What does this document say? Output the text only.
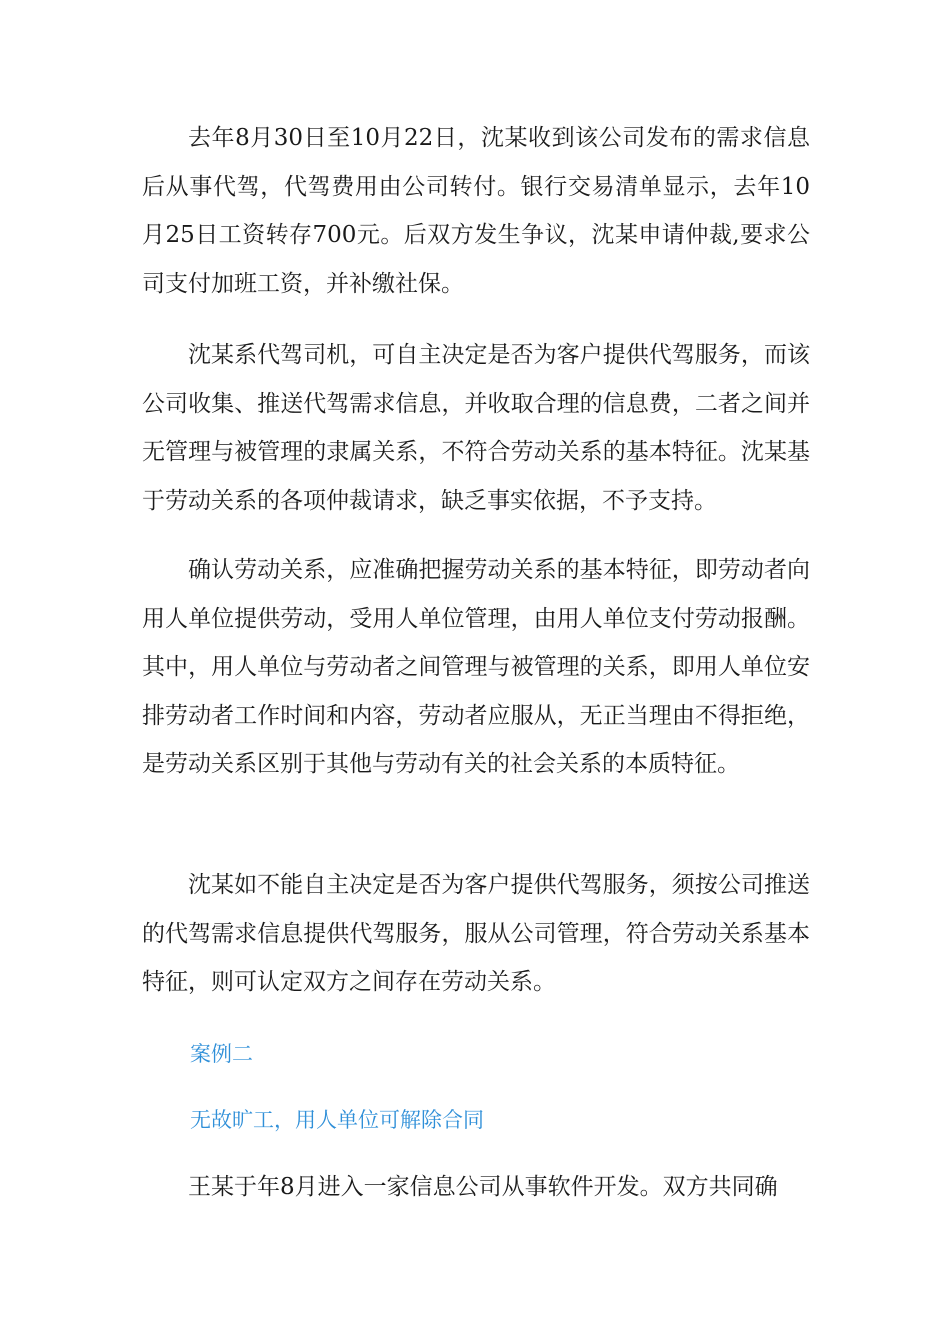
去年8月30日至10月22日，沈某收到该公司发布的需求信息后从事代驾，代驾费用由公司转付。银行交易清单显示，去年10月25日工资转存700元。后双方发生争议，沈某申请仲裁,要求公司支付加班工资，并补缴社保。

沈某系代驾司机，可自主决定是否为客户提供代驾服务，而该公司收集、推送代驾需求信息，并收取合理的信息费，二者之间并无管理与被管理的隶属关系，不符合劳动关系的基本特征。沈某基于劳动关系的各项仲裁请求，缺乏事实依据，不予支持。

确认劳动关系，应准确把握劳动关系的基本特征，即劳动者向用人单位提供劳动，受用人单位管理，由用人单位支付劳动报酬。其中，用人单位与劳动者之间管理与被管理的关系，即用人单位安排劳动者工作时间和内容，劳动者应服从，无正当理由不得拒绝，是劳动关系区别于其他与劳动有关的社会关系的本质特征。

沈某如不能自主决定是否为客户提供代驾服务，须按公司推送的代驾需求信息提供代驾服务，服从公司管理，符合劳动关系基本特征，则可认定双方之间存在劳动关系。

案例二
无故旷工，用人单位可解除合同

王某于年8月进入一家信息公司从事软件开发。双方共同确
